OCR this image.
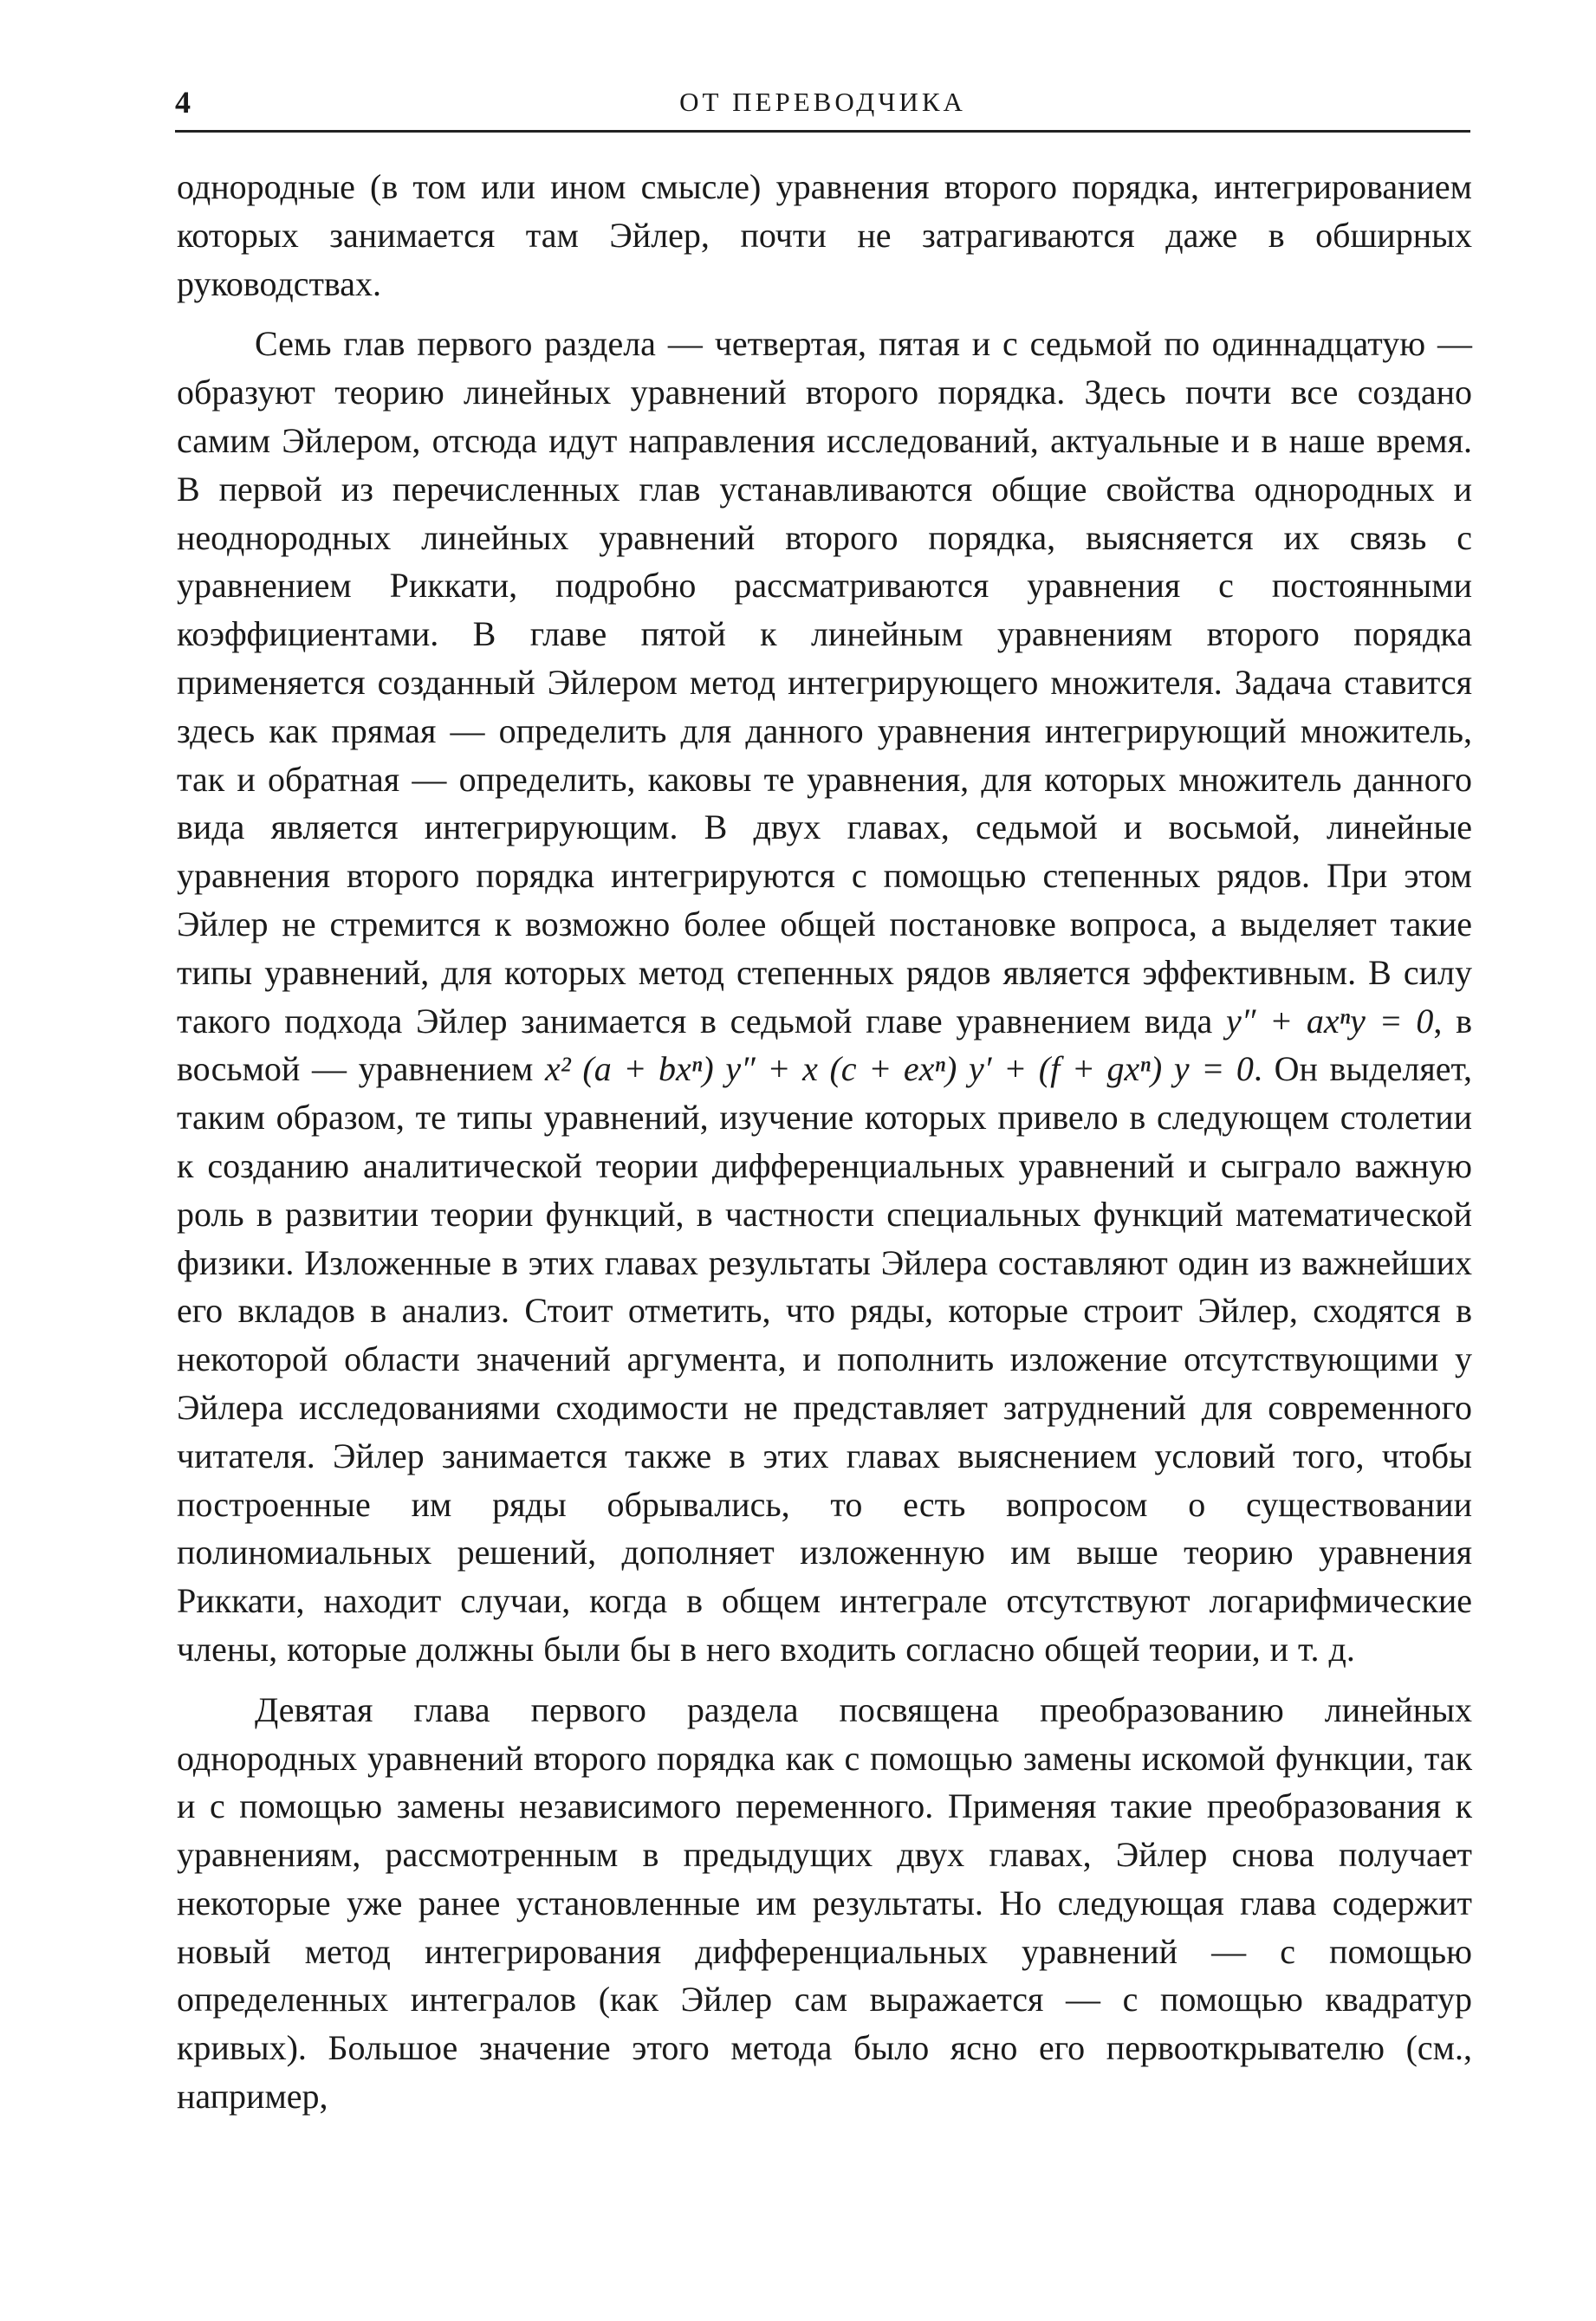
4	ОТ ПЕРЕВОДЧИКА

однородные (в том или ином смысле) уравнения второго порядка, интегрированием которых занимается там Эйлер, почти не затрагиваются даже в обширных руководствах.

Семь глав первого раздела — четвертая, пятая и с седьмой по одиннадцатую — образуют теорию линейных уравнений второго порядка. Здесь почти все создано самим Эйлером, отсюда идут направления исследований, актуальные и в наше время. В первой из перечисленных глав устанавливаются общие свойства однородных и неоднородных линейных уравнений второго порядка, выясняется их связь с уравнением Риккати, подробно рассматриваются уравнения с постоянными коэффициентами. В главе пятой к линейным уравнениям второго порядка применяется созданный Эйлером метод интегрирующего множителя. Задача ставится здесь как прямая — определить для данного уравнения интегрирующий множитель, так и обратная — определить, каковы те уравнения, для которых множитель данного вида является интегрирующим. В двух главах, седьмой и восьмой, линейные уравнения второго порядка интегрируются с помощью степенных рядов. При этом Эйлер не стремится к возможно более общей постановке вопроса, а выделяет такие типы уравнений, для которых метод степенных рядов является эффективным. В силу такого подхода Эйлер занимается в седьмой главе уравнением вида y″ + axⁿy = 0, в восьмой — уравнением x² (a + bxⁿ) y″ + x (c + exⁿ) y′ + (f + gxⁿ) y = 0. Он выделяет, таким образом, те типы уравнений, изучение которых привело в следующем столетии к созданию аналитической теории дифференциальных уравнений и сыграло важную роль в развитии теории функций, в частности специальных функций математической физики. Изложенные в этих главах результаты Эйлера составляют один из важнейших его вкладов в анализ. Стоит отметить, что ряды, которые строит Эйлер, сходятся в некоторой области значений аргумента, и пополнить изложение отсутствующими у Эйлера исследованиями сходимости не представляет затруднений для современного читателя. Эйлер занимается также в этих главах выяснением условий того, чтобы построенные им ряды обрывались, то есть вопросом о существовании полиномиальных решений, дополняет изложенную им выше теорию уравнения Риккати, находит случаи, когда в общем интеграле отсутствуют логарифмические члены, которые должны были бы в него входить согласно общей теории, и т. д.

Девятая глава первого раздела посвящена преобразованию линейных однородных уравнений второго порядка как с помощью замены искомой функции, так и с помощью замены независимого переменного. Применяя такие преобразования к уравнениям, рассмотренным в предыдущих двух главах, Эйлер снова получает некоторые уже ранее установленные им результаты. Но следующая глава содержит новый метод интегрирования дифференциальных уравнений — с помощью определенных интегралов (как Эйлер сам выражается — с помощью квадратур кривых). Большое значение этого метода было ясно его первооткрывателю (см., например,
